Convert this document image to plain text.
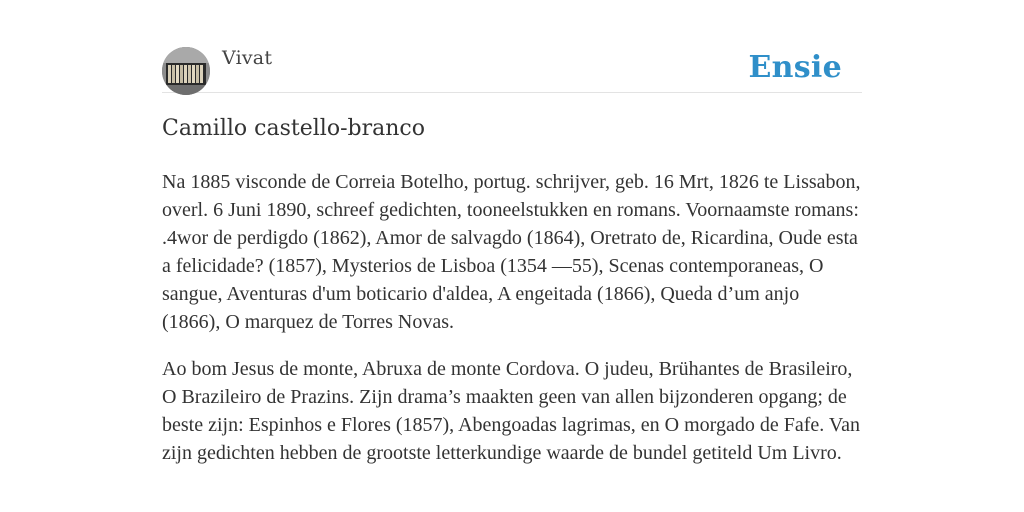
Vivat	Ensie
Camillo castello-branco

Na 1885 visconde de Correia Botelho, portug. schrijver, geb. 16 Mrt, 1826 te Lissabon, overl. 6 Juni 1890, schreef gedichten, tooneelstukken en romans. Voornaamste romans: .4wor de perdigdo (1862), Amor de salvagdo (1864), Oretrato de, Ricardina, Oude esta a felicidade? (1857), Mysterios de Lisboa (1354 —55), Scenas contemporaneas, O sangue, Aventuras d'um boticario d'aldea, A engeitada (1866), Queda d’um anjo (1866), O marquez de Torres Novas.

Ao bom Jesus de monte, Abruxa de monte Cordova. O judeu, Brühantes de Brasileiro, O Brazileiro de Prazins. Zijn drama’s maakten geen van allen bijzonderen opgang; de beste zijn: Espinhos e Flores (1857), Abengoadas lagrimas, en O morgado de Fafe. Van zijn gedichten hebben de grootste letterkundige waarde de bundel getiteld Um Livro.
